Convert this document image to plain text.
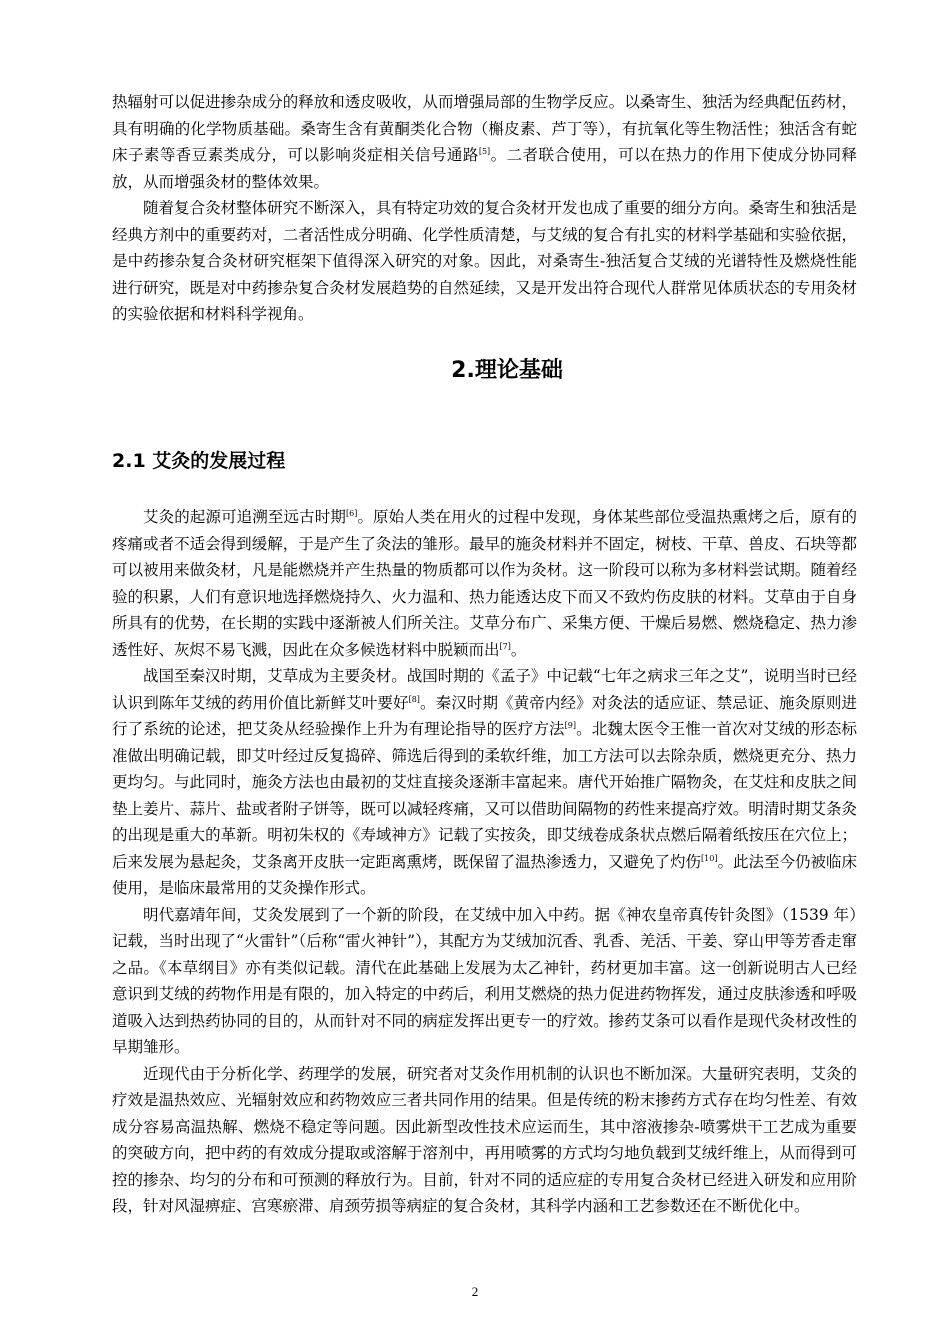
热辐射可以促进掺杂成分的释放和透皮吸收，从而增强局部的生物学反应。以桑寄生、独活为经典配伍药材，具有明确的化学物质基础。桑寄生含有黄酮类化合物（槲皮素、芦丁等），有抗氧化等生物活性；独活含有蛇床子素等香豆素类成分，可以影响炎症相关信号通路[5]。二者联合使用，可以在热力的作用下使成分协同释放，从而增强灸材的整体效果。

随着复合灸材整体研究不断深入，具有特定功效的复合灸材开发也成了重要的细分方向。桑寄生和独活是经典方剂中的重要药对，二者活性成分明确、化学性质清楚，与艾绒的复合有扎实的材料学基础和实验依据，是中药掺杂复合灸材研究框架下值得深入研究的对象。因此，对桑寄生-独活复合艾绒的光谱特性及燃烧性能进行研究，既是对中药掺杂复合灸材发展趋势的自然延续，又是开发出符合现代人群常见体质状态的专用灸材的实验依据和材料科学视角。

2.理论基础
2.1 艾灸的发展过程

艾灸的起源可追溯至远古时期[6]。原始人类在用火的过程中发现，身体某些部位受温热熏烤之后，原有的疼痛或者不适会得到缓解，于是产生了灸法的雏形。最早的施灸材料并不固定，树枝、干草、兽皮、石块等都可以被用来做灸材，凡是能燃烧并产生热量的物质都可以作为灸材。这一阶段可以称为多材料尝试期。随着经验的积累，人们有意识地选择燃烧持久、火力温和、热力能透达皮下而又不致灼伤皮肤的材料。艾草由于自身所具有的优势，在长期的实践中逐渐被人们所关注。艾草分布广、采集方便、干燥后易燃、燃烧稳定、热力渗透性好、灰烬不易飞溅，因此在众多候选材料中脱颖而出[7]。

战国至秦汉时期，艾草成为主要灸材。战国时期的《孟子》中记载“七年之病求三年之艾”，说明当时已经认识到陈年艾绒的药用价值比新鲜艾叶要好[8]。秦汉时期《黄帝内经》对灸法的适应证、禁忌证、施灸原则进行了系统的论述，把艾灸从经验操作上升为有理论指导的医疗方法[9]。北魏太医令王惟一首次对艾绒的形态标准做出明确记载，即艾叶经过反复捣碎、筛选后得到的柔软纤维，加工方法可以去除杂质，燃烧更充分、热力更均匀。与此同时，施灸方法也由最初的艾炷直接灸逐渐丰富起来。唐代开始推广隔物灸，在艾炷和皮肤之间垫上姜片、蒜片、盐或者附子饼等，既可以减轻疼痛，又可以借助间隔物的药性来提高疗效。明清时期艾条灸的出现是重大的革新。明初朱权的《寿域神方》记载了实按灸，即艾绒卷成条状点燃后隔着纸按压在穴位上；后来发展为悬起灸，艾条离开皮肤一定距离熏烤，既保留了温热渗透力，又避免了灼伤[10]。此法至今仍被临床使用，是临床最常用的艾灸操作形式。

明代嘉靖年间，艾灸发展到了一个新的阶段，在艾绒中加入中药。据《神农皇帝真传针灸图》（1539 年）记载，当时出现了“火雷针”（后称“雷火神针”），其配方为艾绒加沉香、乳香、羌活、干姜、穿山甲等芳香走窜之品。《本草纲目》亦有类似记载。清代在此基础上发展为太乙神针，药材更加丰富。这一创新说明古人已经意识到艾绒的药物作用是有限的，加入特定的中药后，利用艾燃烧的热力促进药物挥发，通过皮肤渗透和呼吸道吸入达到热药协同的目的，从而针对不同的病症发挥出更专一的疗效。掺药艾条可以看作是现代灸材改性的早期雏形。

近现代由于分析化学、药理学的发展，研究者对艾灸作用机制的认识也不断加深。大量研究表明，艾灸的疗效是温热效应、光辐射效应和药物效应三者共同作用的结果。但是传统的粉末掺药方式存在均匀性差、有效成分容易高温热解、燃烧不稳定等问题。因此新型改性技术应运而生，其中溶液掺杂-喷雾烘干工艺成为重要的突破方向，把中药的有效成分提取或溶解于溶剂中，再用喷雾的方式均匀地负载到艾绒纤维上，从而得到可控的掺杂、均匀的分布和可预测的释放行为。目前，针对不同的适应症的专用复合灸材已经进入研发和应用阶段，针对风湿痹症、宫寒瘀滞、肩颈劳损等病症的复合灸材，其科学内涵和工艺参数还在不断优化中。

2
